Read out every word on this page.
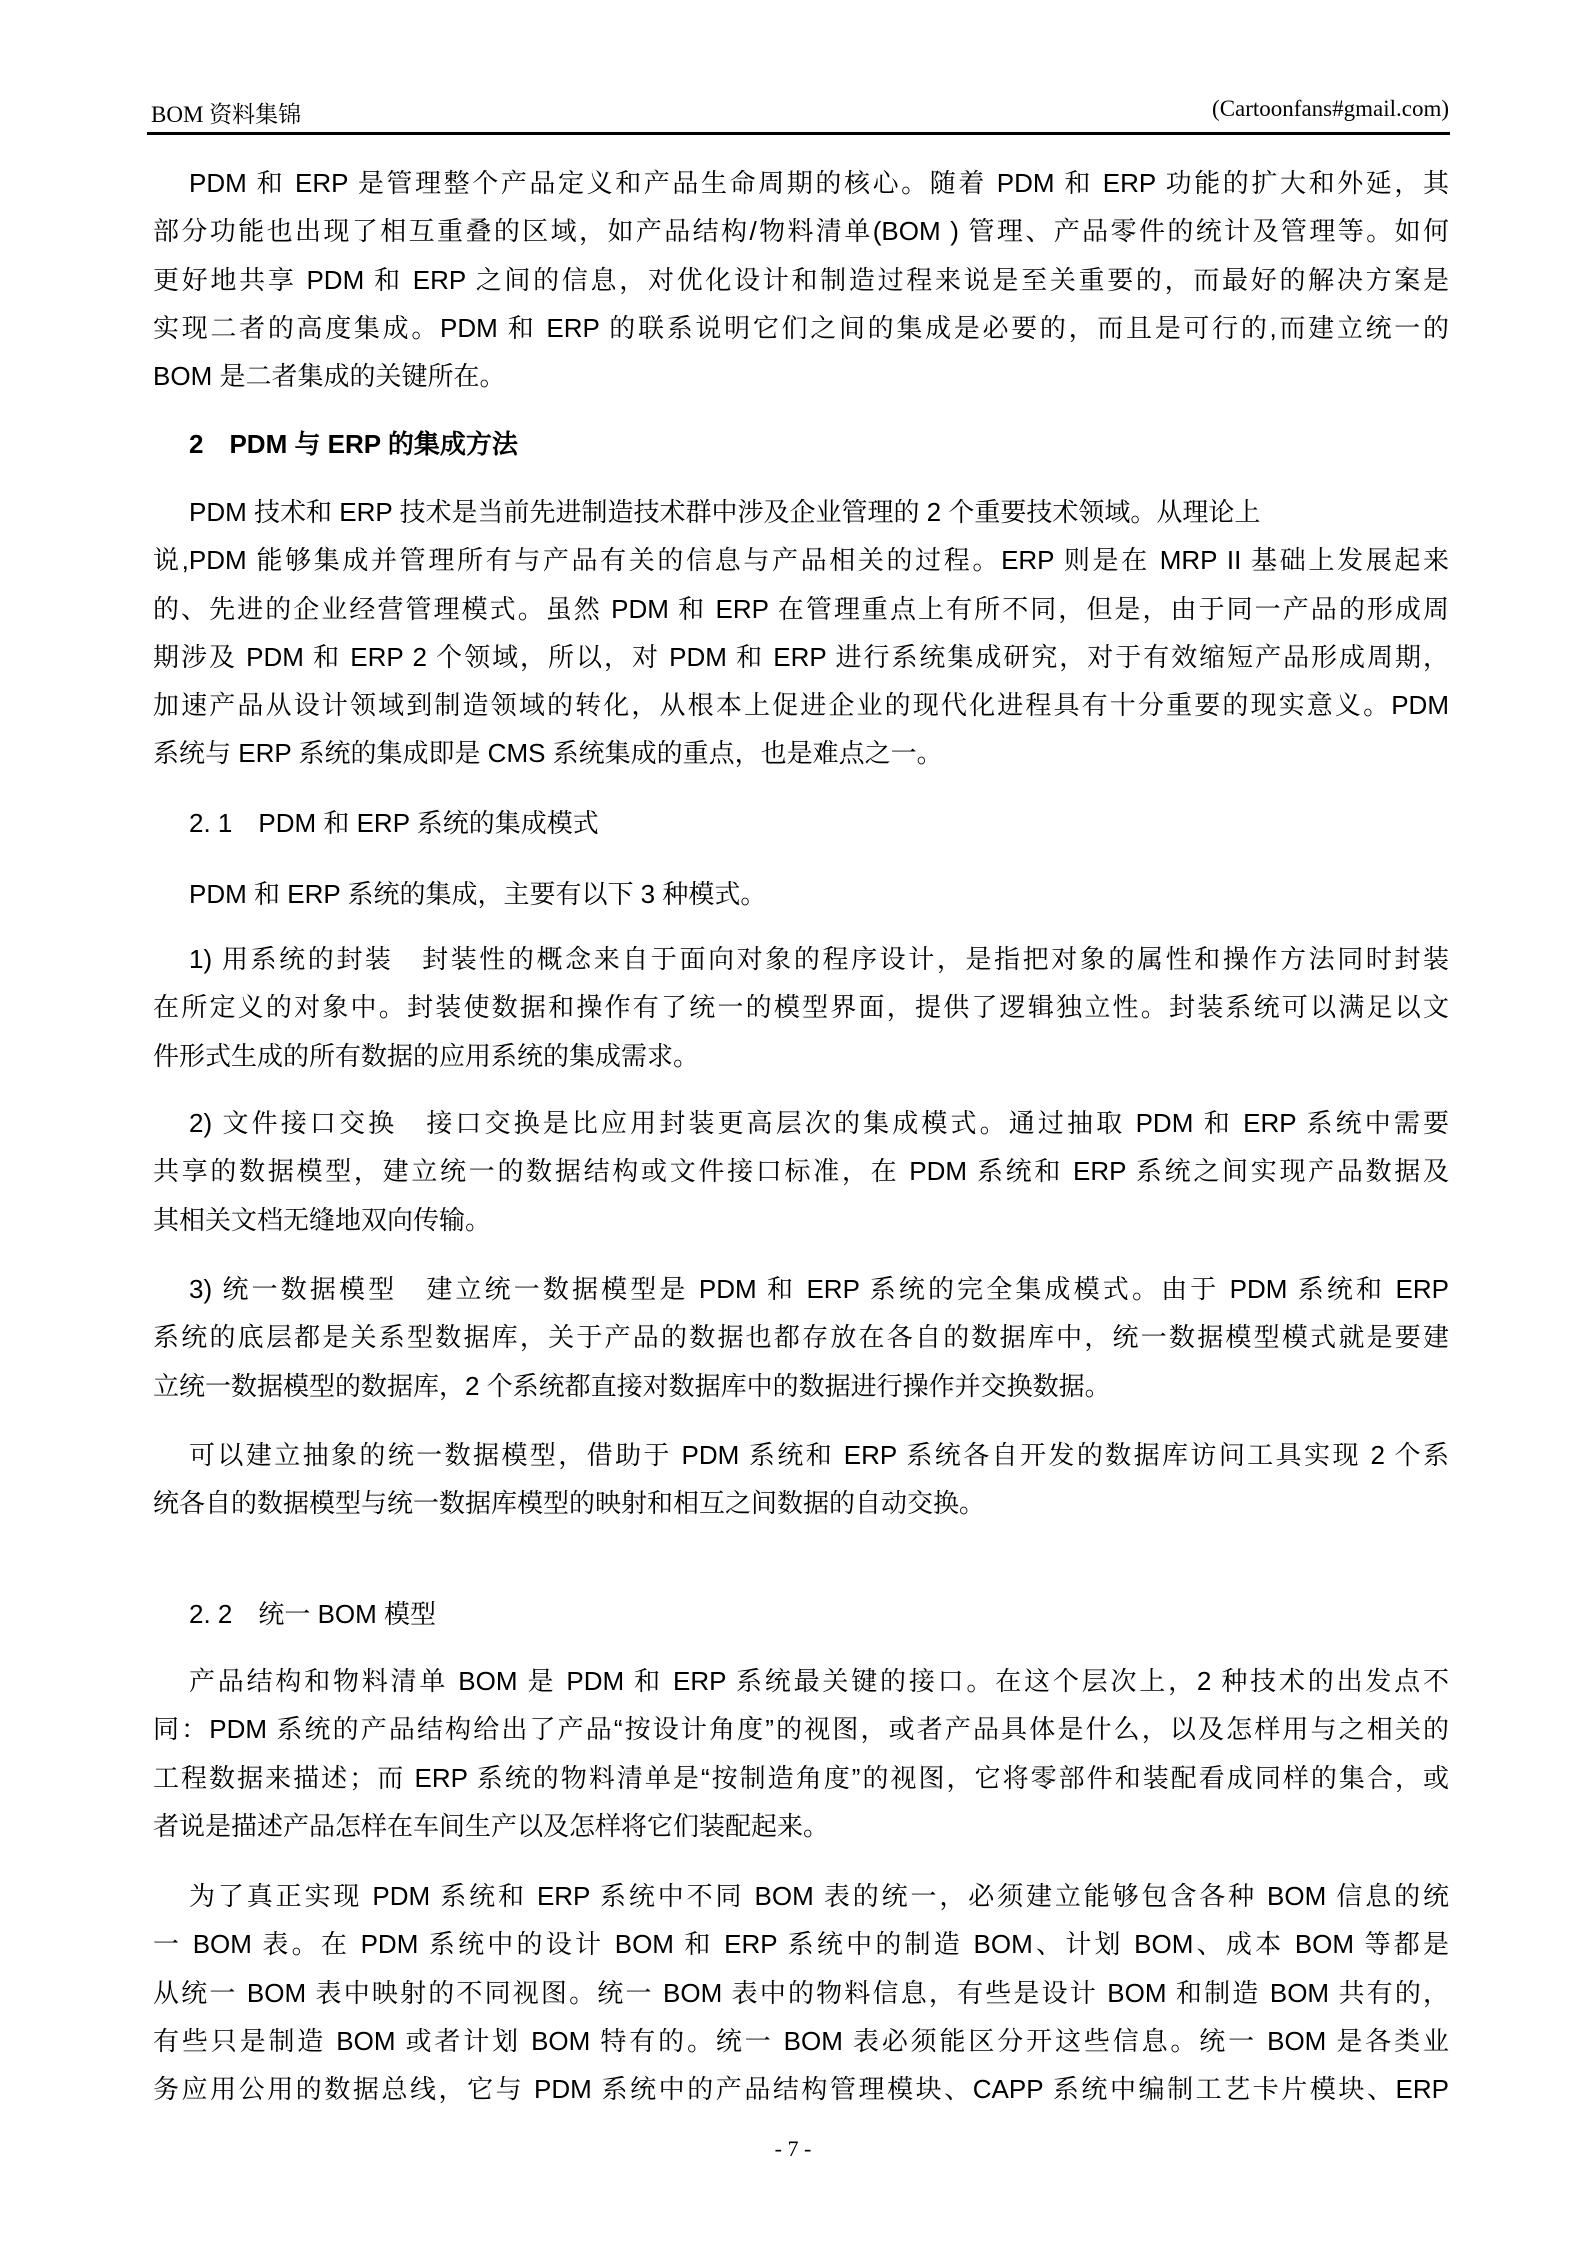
BOM 资料集锦	(Cartoonfans#gmail.com)
PDM 和 ERP 是管理整个产品定义和产品生命周期的核心。随着 PDM 和 ERP 功能的扩大和外延，其
部分功能也出现了相互重叠的区域，如产品结构/物料清单(BOM ) 管理、产品零件的统计及管理等。如何
更好地共享 PDM 和 ERP 之间的信息，对优化设计和制造过程来说是至关重要的，而最好的解决方案是
实现二者的高度集成。PDM 和 ERP 的联系说明它们之间的集成是必要的，而且是可行的,而建立统一的
BOM 是二者集成的关键所在。
2　PDM 与 ERP 的集成方法
PDM 技术和 ERP 技术是当前先进制造技术群中涉及企业管理的 2 个重要技术领域。从理论上
说,PDM 能够集成并管理所有与产品有关的信息与产品相关的过程。ERP 则是在 MRP II 基础上发展起来
的、先进的企业经营管理模式。虽然 PDM 和 ERP 在管理重点上有所不同，但是，由于同一产品的形成周
期涉及 PDM 和 ERP 2 个领域，所以，对 PDM 和 ERP 进行系统集成研究，对于有效缩短产品形成周期，
加速产品从设计领域到制造领域的转化，从根本上促进企业的现代化进程具有十分重要的现实意义。PDM
系统与 ERP 系统的集成即是 CMS 系统集成的重点，也是难点之一。
2. 1　PDM 和 ERP 系统的集成模式
PDM 和 ERP 系统的集成，主要有以下 3 种模式。
1) 用系统的封装　封装性的概念来自于面向对象的程序设计，是指把对象的属性和操作方法同时封装
在所定义的对象中。封装使数据和操作有了统一的模型界面，提供了逻辑独立性。封装系统可以满足以文
件形式生成的所有数据的应用系统的集成需求。
2) 文件接口交换　接口交换是比应用封装更高层次的集成模式。通过抽取 PDM 和 ERP 系统中需要
共享的数据模型，建立统一的数据结构或文件接口标准，在 PDM 系统和 ERP 系统之间实现产品数据及
其相关文档无缝地双向传输。
3) 统一数据模型　建立统一数据模型是 PDM 和 ERP 系统的完全集成模式。由于 PDM 系统和 ERP
系统的底层都是关系型数据库，关于产品的数据也都存放在各自的数据库中，统一数据模型模式就是要建
立统一数据模型的数据库，2 个系统都直接对数据库中的数据进行操作并交换数据。
可以建立抽象的统一数据模型，借助于 PDM 系统和 ERP 系统各自开发的数据库访问工具实现 2 个系
统各自的数据模型与统一数据库模型的映射和相互之间数据的自动交换。
2. 2　统一 BOM 模型
产品结构和物料清单 BOM 是 PDM 和 ERP 系统最关键的接口。在这个层次上，2 种技术的出发点不
同：PDM 系统的产品结构给出了产品“按设计角度”的视图，或者产品具体是什么，以及怎样用与之相关的
工程数据来描述；而 ERP 系统的物料清单是“按制造角度”的视图，它将零部件和装配看成同样的集合，或
者说是描述产品怎样在车间生产以及怎样将它们装配起来。
为了真正实现 PDM 系统和 ERP 系统中不同 BOM 表的统一，必须建立能够包含各种 BOM 信息的统
一 BOM 表。在 PDM 系统中的设计 BOM 和 ERP 系统中的制造 BOM、计划 BOM、成本 BOM 等都是
从统一 BOM 表中映射的不同视图。统一 BOM 表中的物料信息，有些是设计 BOM 和制造 BOM 共有的，
有些只是制造 BOM 或者计划 BOM 特有的。统一 BOM 表必须能区分开这些信息。统一 BOM 是各类业
务应用公用的数据总线，它与 PDM 系统中的产品结构管理模块、CAPP 系统中编制工艺卡片模块、ERP
- 7 -
